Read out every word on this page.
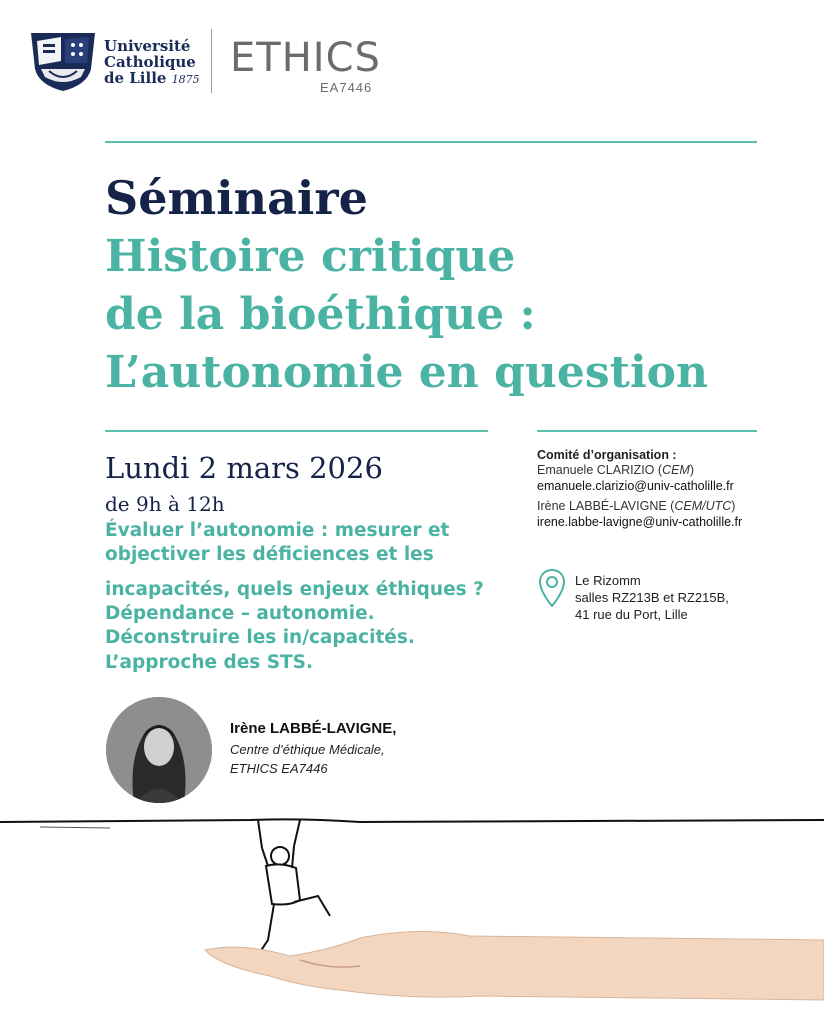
Université
Catholique
de Lille 1875 ETHICS
EA7446
Séminaire
Histoire critique
de la bioéthique :
L’autonomie en question
Lundi 2 mars 2026
de 9h à 12h
Évaluer l’autonomie : mesurer et
objectiver les déficiences et les
incapacités, quels enjeux éthiques ?
Dépendance – autonomie.
Déconstruire les in/capacités.
L’approche des STS.
Comité d’organisation :
Emanuele CLARIZIO (CEM)
emanuele.clarizio@univ-catholille.fr
Irène LABBÉ-LAVIGNE (CEM/UTC)
irene.labbe-lavigne@univ-catholille.fr
Le Rizomm
salles RZ213B et RZ215B,
41 rue du Port, Lille
Irène LABBÉ-LAVIGNE,
Centre d’éthique Médicale,
ETHICS EA7446
